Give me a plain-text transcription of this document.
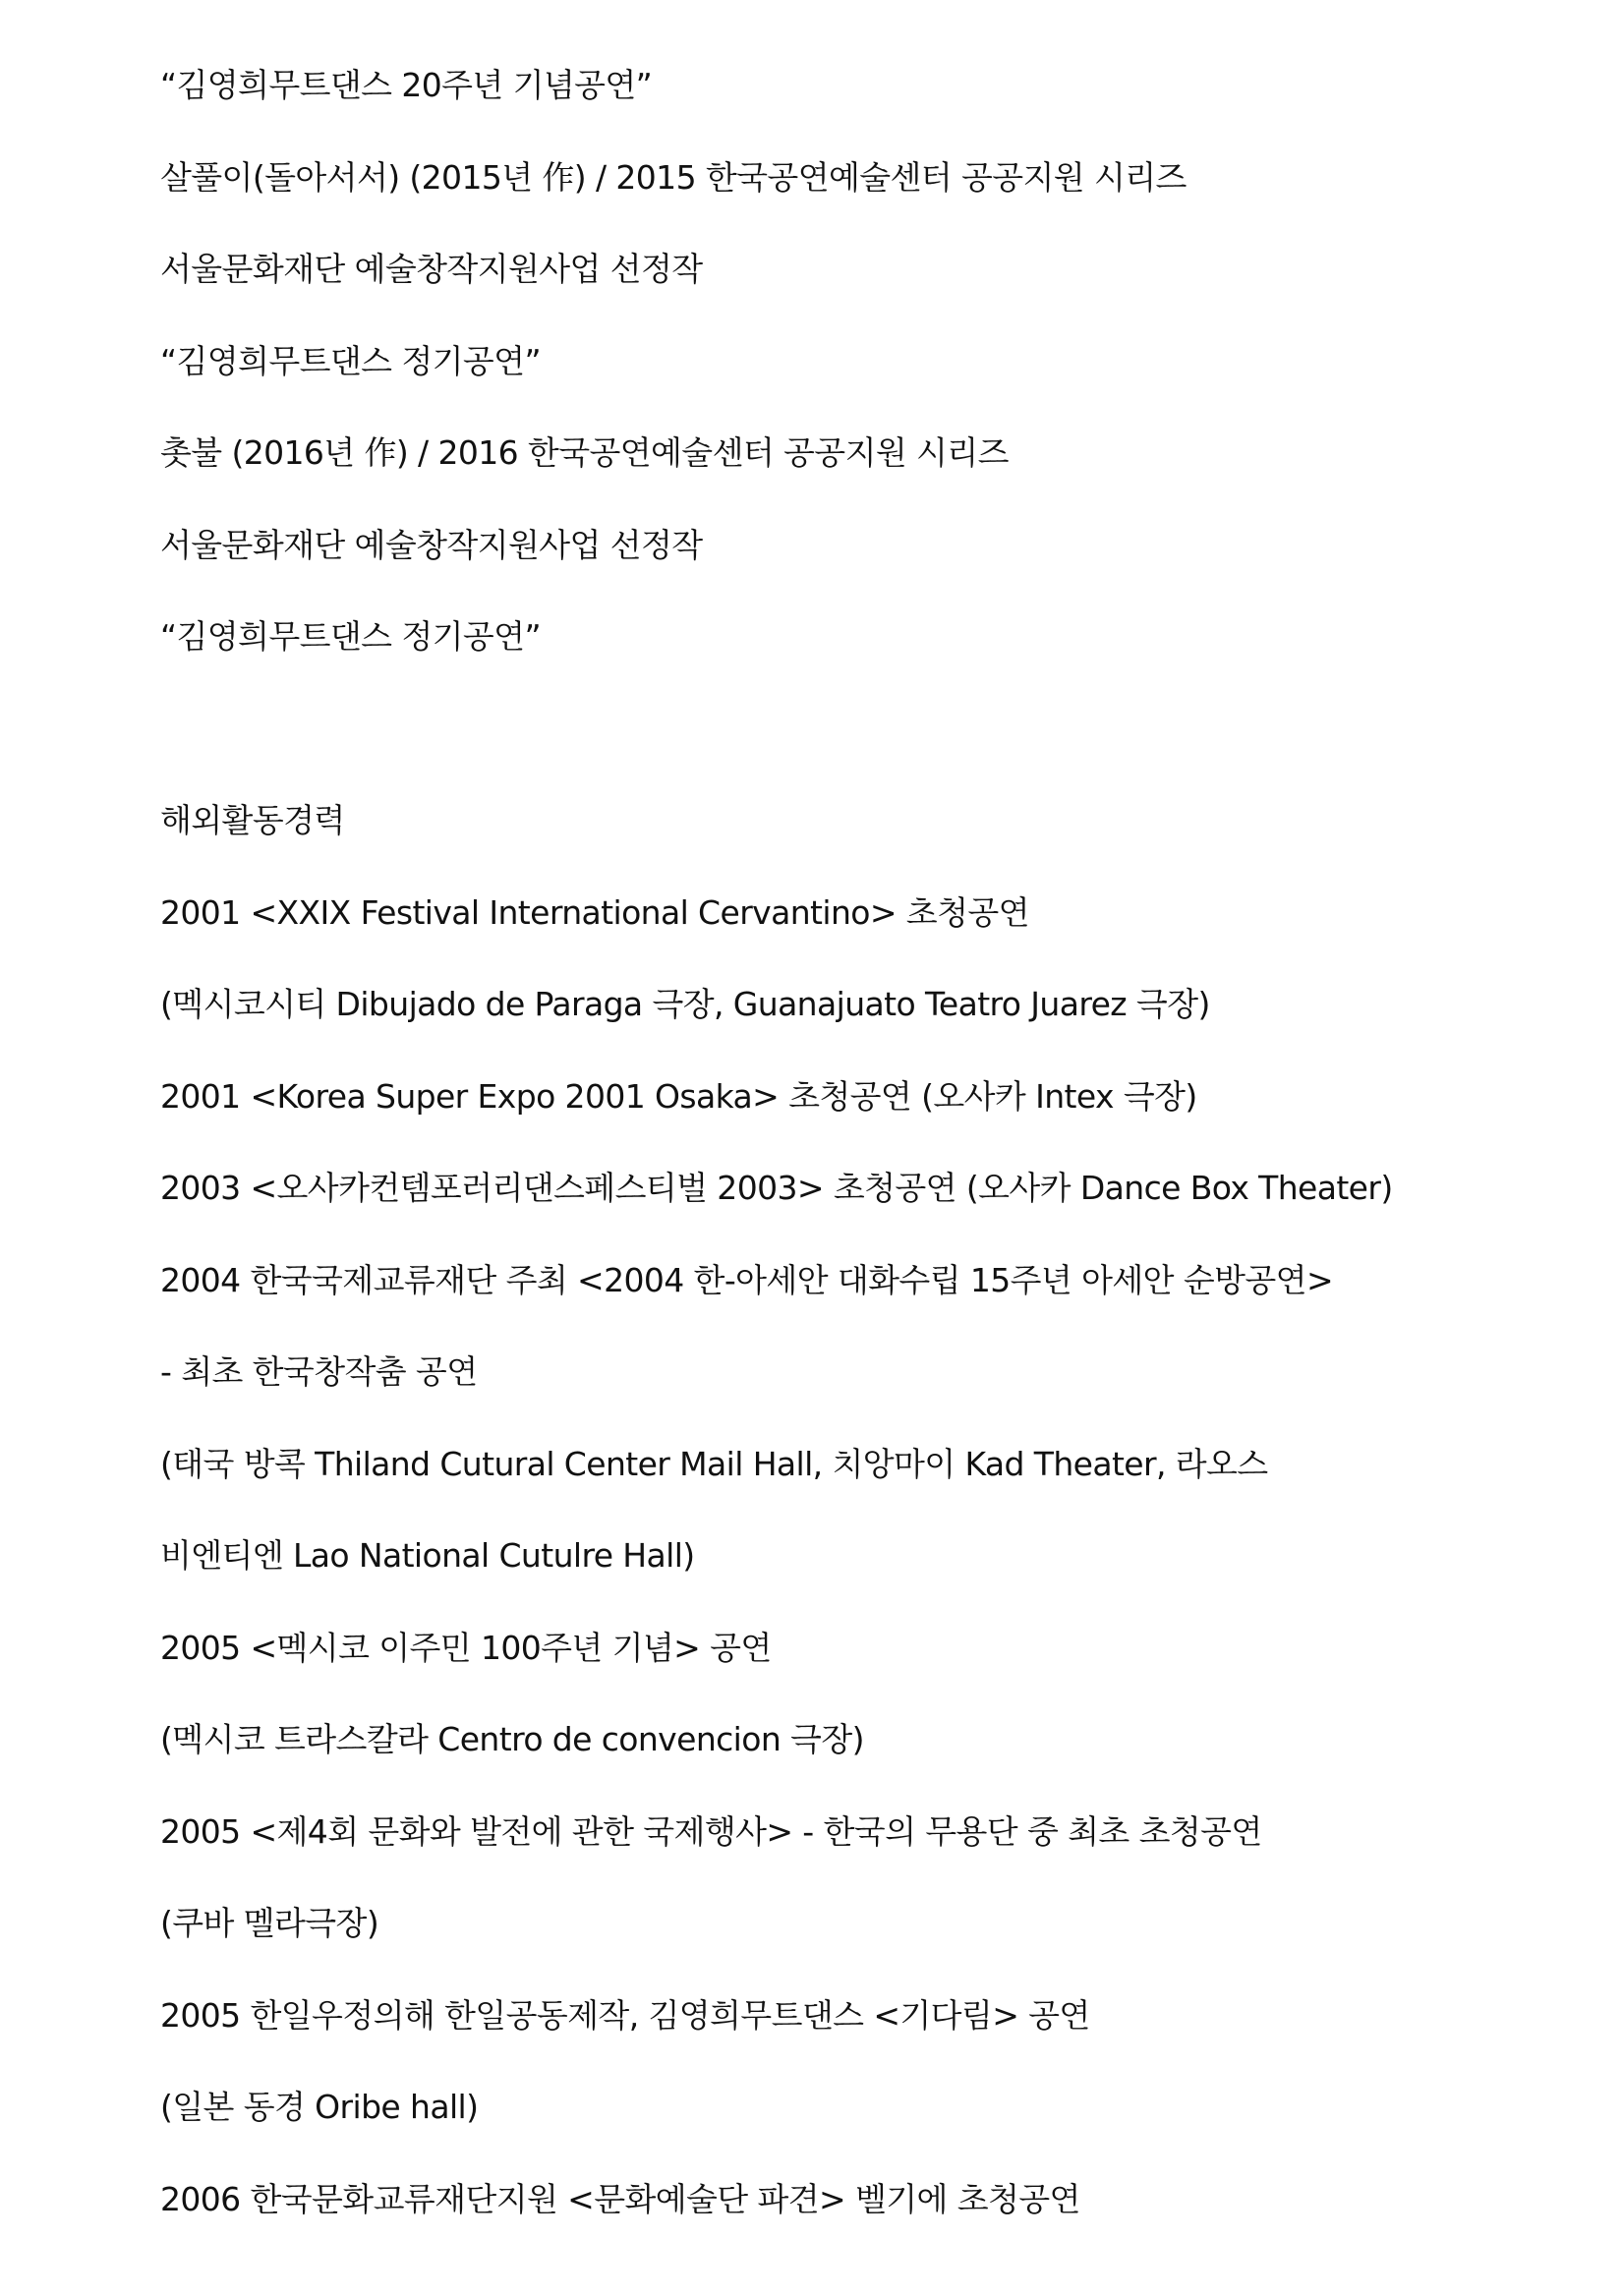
“김영희무트댄스 20주년 기념공연”
살풀이(돌아서서) (2015년 作) / 2015 한국공연예술센터 공공지원 시리즈
서울문화재단 예술창작지원사업 선정작
“김영희무트댄스 정기공연”
촛불 (2016년 作) / 2016 한국공연예술센터 공공지원 시리즈
서울문화재단 예술창작지원사업 선정작
“김영희무트댄스 정기공연”
해외활동경력
2001 <XXIX Festival International Cervantino> 초청공연
(멕시코시티 Dibujado de Paraga 극장, Guanajuato Teatro Juarez 극장)
2001 <Korea Super Expo 2001 Osaka> 초청공연 (오사카 Intex 극장)
2003 <오사카컨템포러리댄스페스티벌 2003> 초청공연 (오사카 Dance Box Theater)
2004 한국국제교류재단 주최 <2004 한-아세안 대화수립 15주년 아세안 순방공연>
- 최초 한국창작춤 공연
(태국 방콕 Thiland Cutural Center Mail Hall, 치앙마이 Kad Theater, 라오스
비엔티엔 Lao National Cutulre Hall)
2005 <멕시코 이주민 100주년 기념> 공연
(멕시코 트라스칼라 Centro de convencion 극장)
2005 <제4회 문화와 발전에 관한 국제행사> - 한국의 무용단 중 최초 초청공연
(쿠바 멜라극장)
2005 한일우정의해 한일공동제작, 김영희무트댄스 <기다림> 공연
(일본 동경 Oribe hall)
2006 한국문화교류재단지원 <문화예술단 파견> 벨기에 초청공연
